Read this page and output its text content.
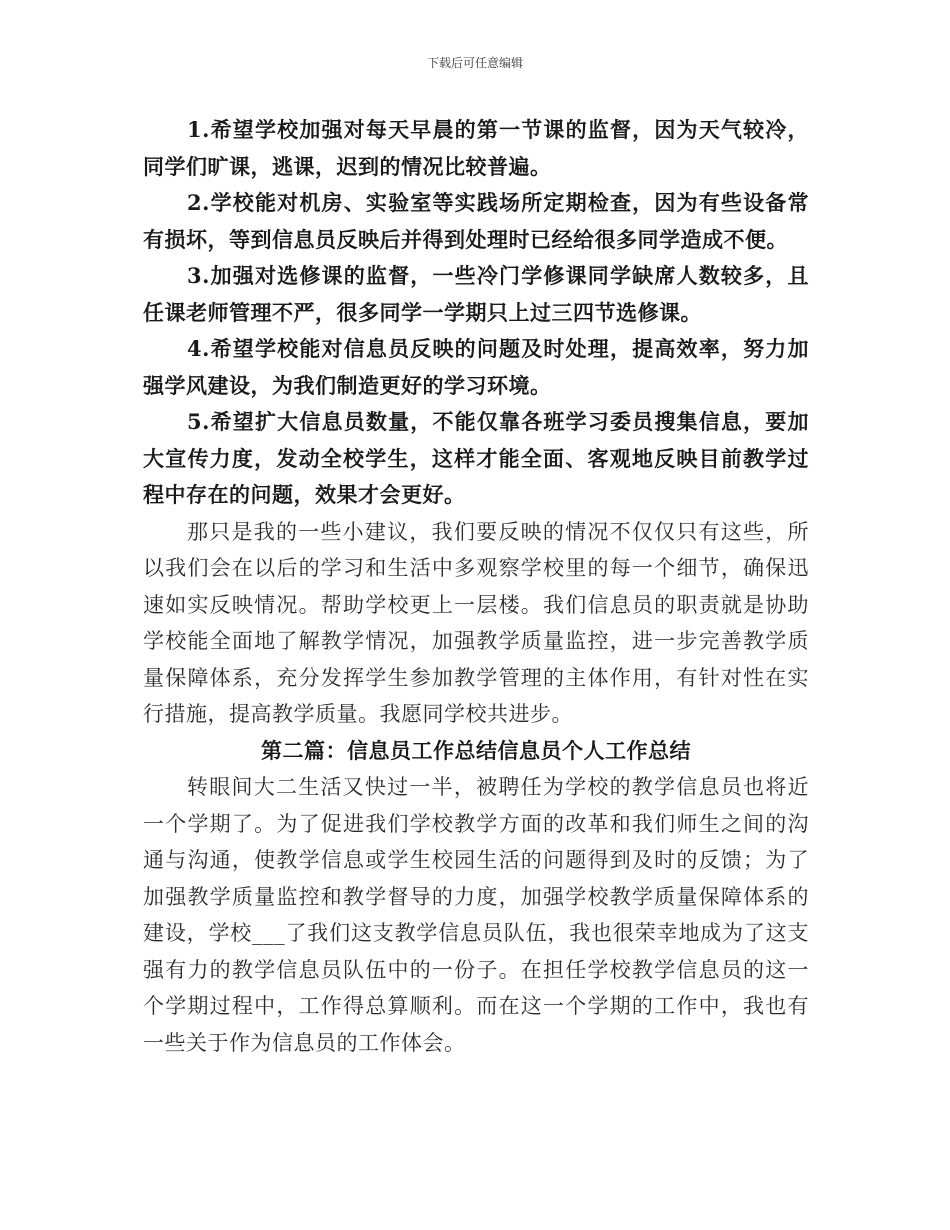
下载后可任意编辑

1.希望学校加强对每天早晨的第一节课的监督，因为天气较冷，同学们旷课，逃课，迟到的情况比较普遍。

2.学校能对机房、实验室等实践场所定期检查，因为有些设备常有损坏，等到信息员反映后并得到处理时已经给很多同学造成不便。

3.加强对选修课的监督，一些冷门学修课同学缺席人数较多，且任课老师管理不严，很多同学一学期只上过三四节选修课。

4.希望学校能对信息员反映的问题及时处理，提高效率，努力加强学风建设，为我们制造更好的学习环境。

5.希望扩大信息员数量，不能仅靠各班学习委员搜集信息，要加大宣传力度，发动全校学生，这样才能全面、客观地反映目前教学过程中存在的问题，效果才会更好。

那只是我的一些小建议，我们要反映的情况不仅仅只有这些，所以我们会在以后的学习和生活中多观察学校里的每一个细节，确保迅速如实反映情况。帮助学校更上一层楼。我们信息员的职责就是协助学校能全面地了解教学情况，加强教学质量监控，进一步完善教学质量保障体系，充分发挥学生参加教学管理的主体作用，有针对性在实行措施，提高教学质量。我愿同学校共进步。

第二篇：信息员工作总结信息员个人工作总结

转眼间大二生活又快过一半，被聘任为学校的教学信息员也将近一个学期了。为了促进我们学校教学方面的改革和我们师生之间的沟通与沟通，使教学信息或学生校园生活的问题得到及时的反馈；为了加强教学质量监控和教学督导的力度，加强学校教学质量保障体系的建设，学校___了我们这支教学信息员队伍，我也很荣幸地成为了这支强有力的教学信息员队伍中的一份子。在担任学校教学信息员的这一个学期过程中，工作得总算顺利。而在这一个学期的工作中，我也有一些关于作为信息员的工作体会。
